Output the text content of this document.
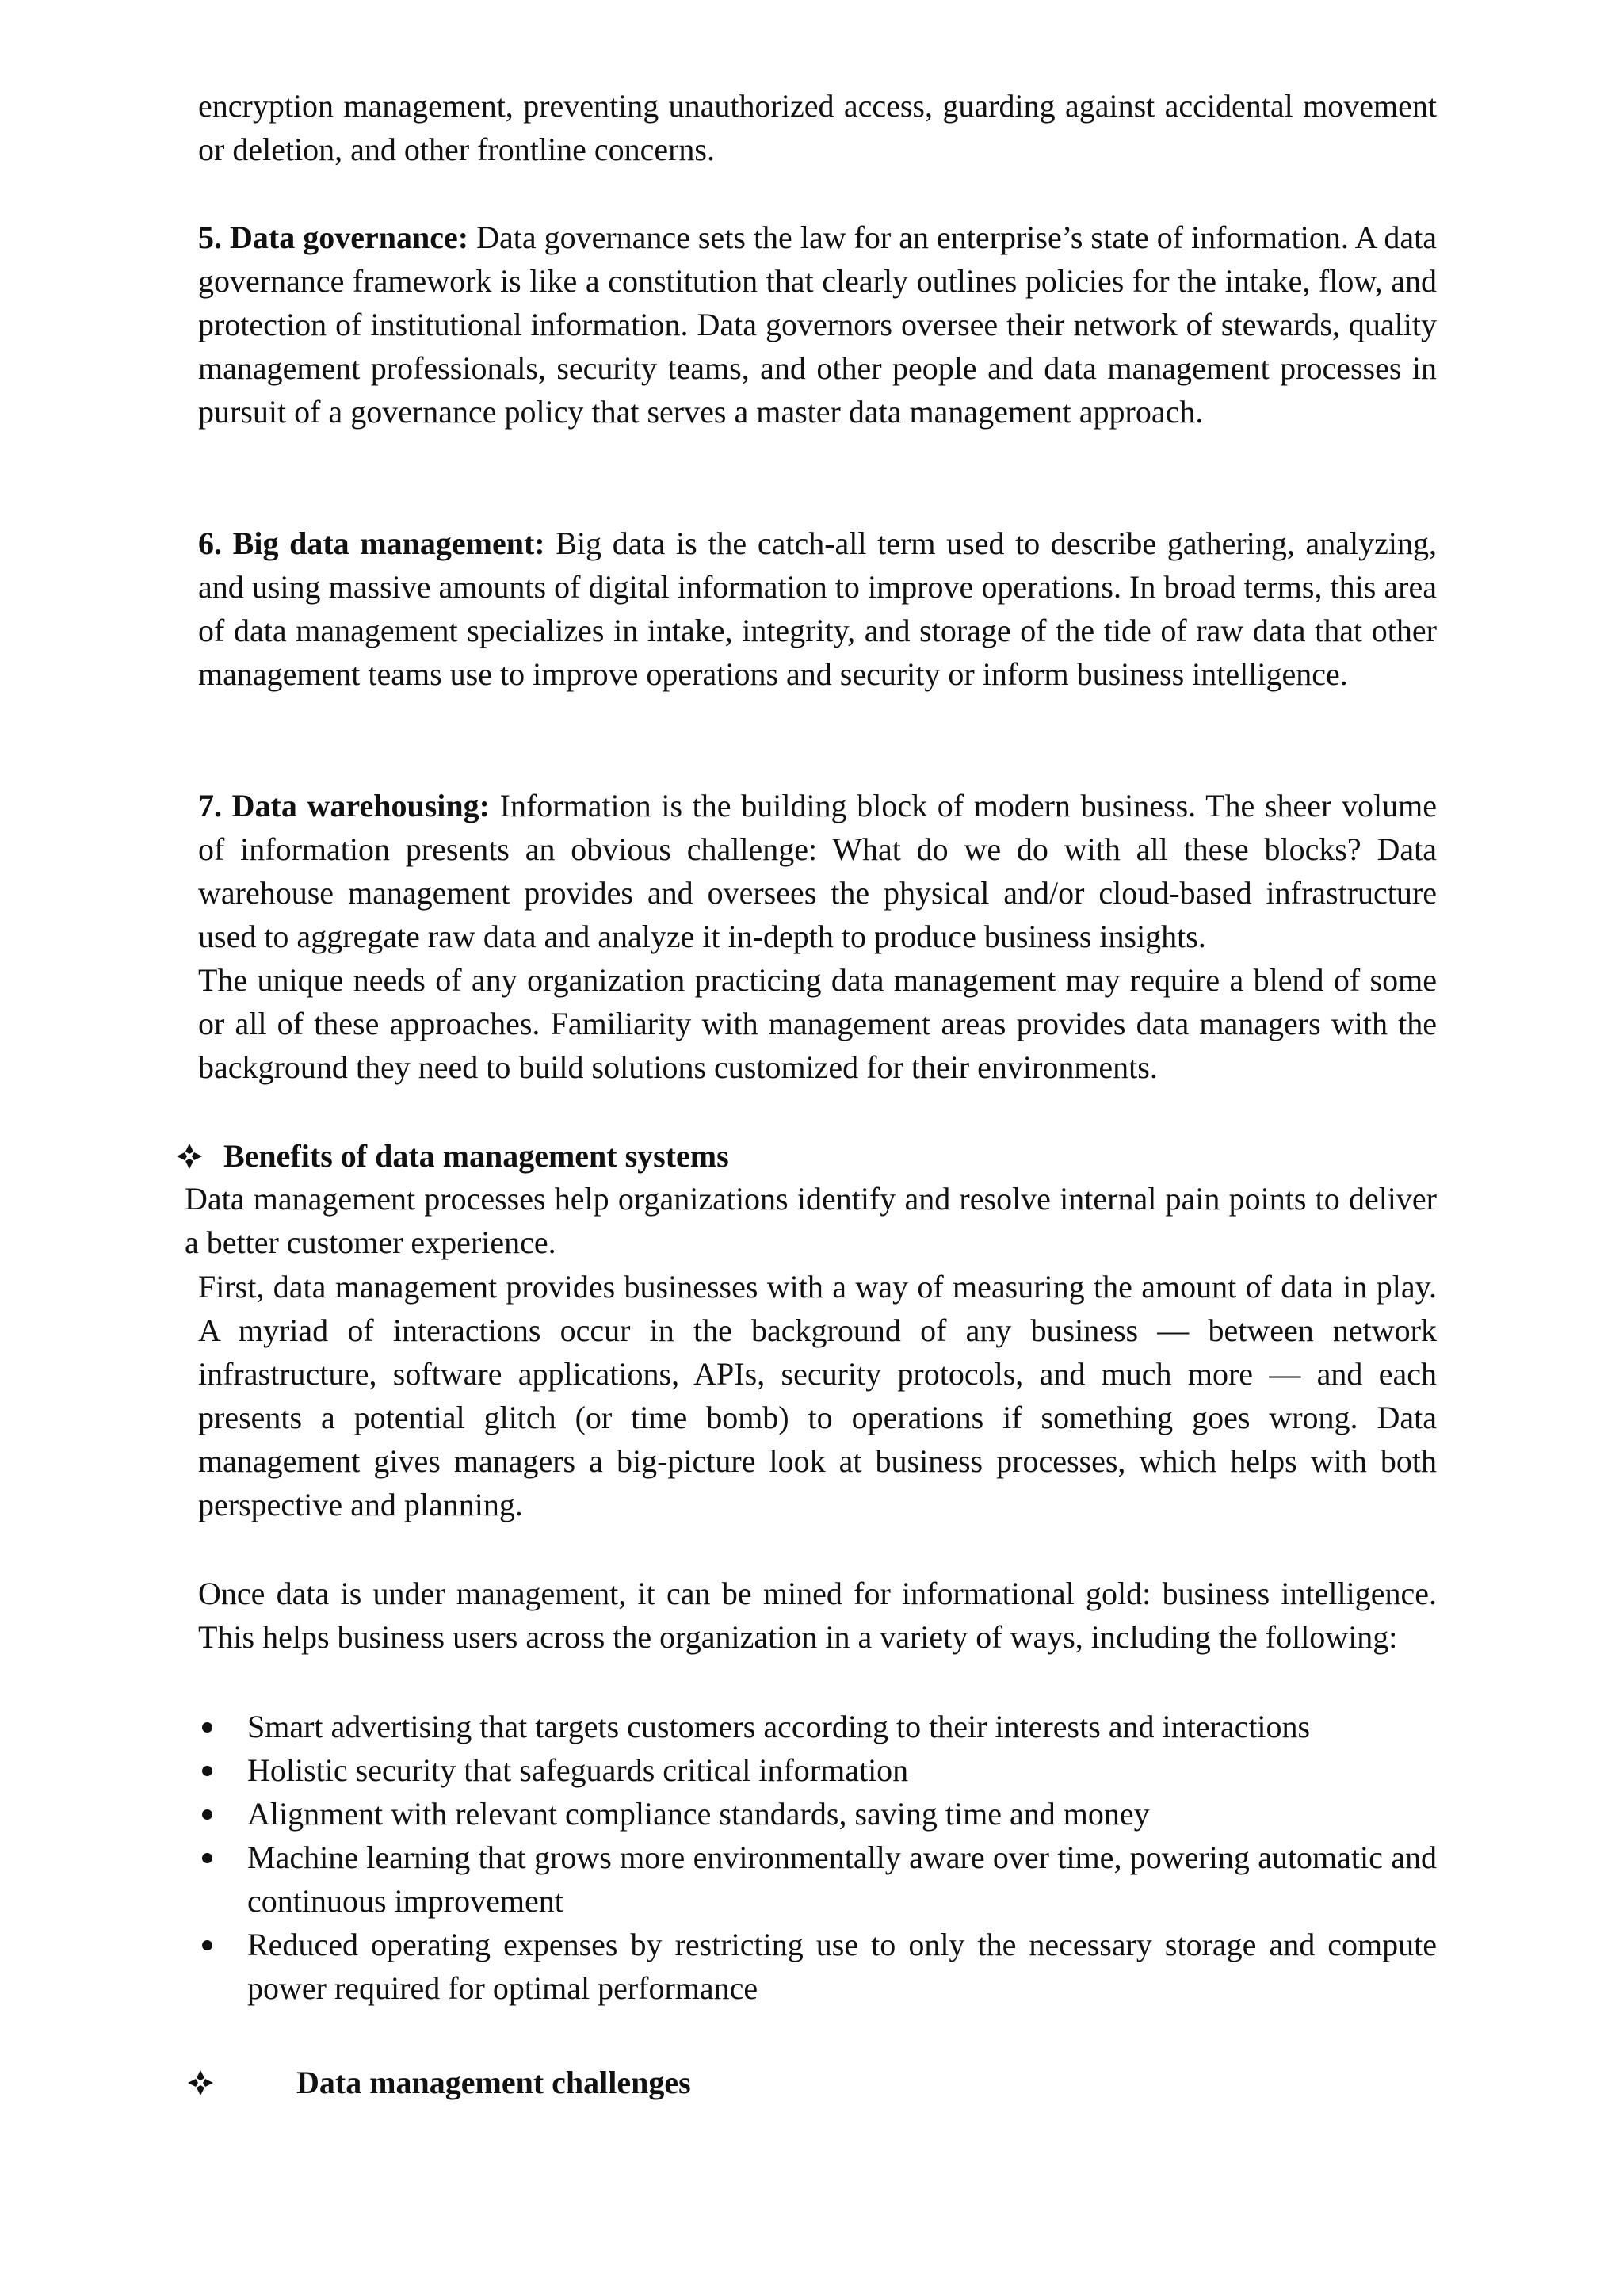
encryption management, preventing unauthorized access, guarding against accidental movement or deletion, and other frontline concerns.

5. Data governance: Data governance sets the law for an enterprise’s state of information. A data governance framework is like a constitution that clearly outlines policies for the intake, flow, and protection of institutional information. Data governors oversee their network of stewards, quality management professionals, security teams, and other people and data management processes in pursuit of a governance policy that serves a master data management approach.

6. Big data management: Big data is the catch-all term used to describe gathering, analyzing, and using massive amounts of digital information to improve operations. In broad terms, this area of data management specializes in intake, integrity, and storage of the tide of raw data that other management teams use to improve operations and security or inform business intelligence.

7. Data warehousing: Information is the building block of modern business. The sheer volume of information presents an obvious challenge: What do we do with all these blocks? Data warehouse management provides and oversees the physical and/or cloud-based infrastructure used to aggregate raw data and analyze it in-depth to produce business insights.

The unique needs of any organization practicing data management may require a blend of some or all of these approaches. Familiarity with management areas provides data managers with the background they need to build solutions customized for their environments.

Benefits of data management systems

Data management processes help organizations identify and resolve internal pain points to deliver a better customer experience.

First, data management provides businesses with a way of measuring the amount of data in play. A myriad of interactions occur in the background of any business — between network infrastructure, software applications, APIs, security protocols, and much more — and each presents a potential glitch (or time bomb) to operations if something goes wrong. Data management gives managers a big-picture look at business processes, which helps with both perspective and planning.

Once data is under management, it can be mined for informational gold: business intelligence. This helps business users across the organization in a variety of ways, including the following:

Smart advertising that targets customers according to their interests and interactions
Holistic security that safeguards critical information
Alignment with relevant compliance standards, saving time and money
Machine learning that grows more environmentally aware over time, powering automatic and continuous improvement
Reduced operating expenses by restricting use to only the necessary storage and compute power required for optimal performance
Data management challenges
